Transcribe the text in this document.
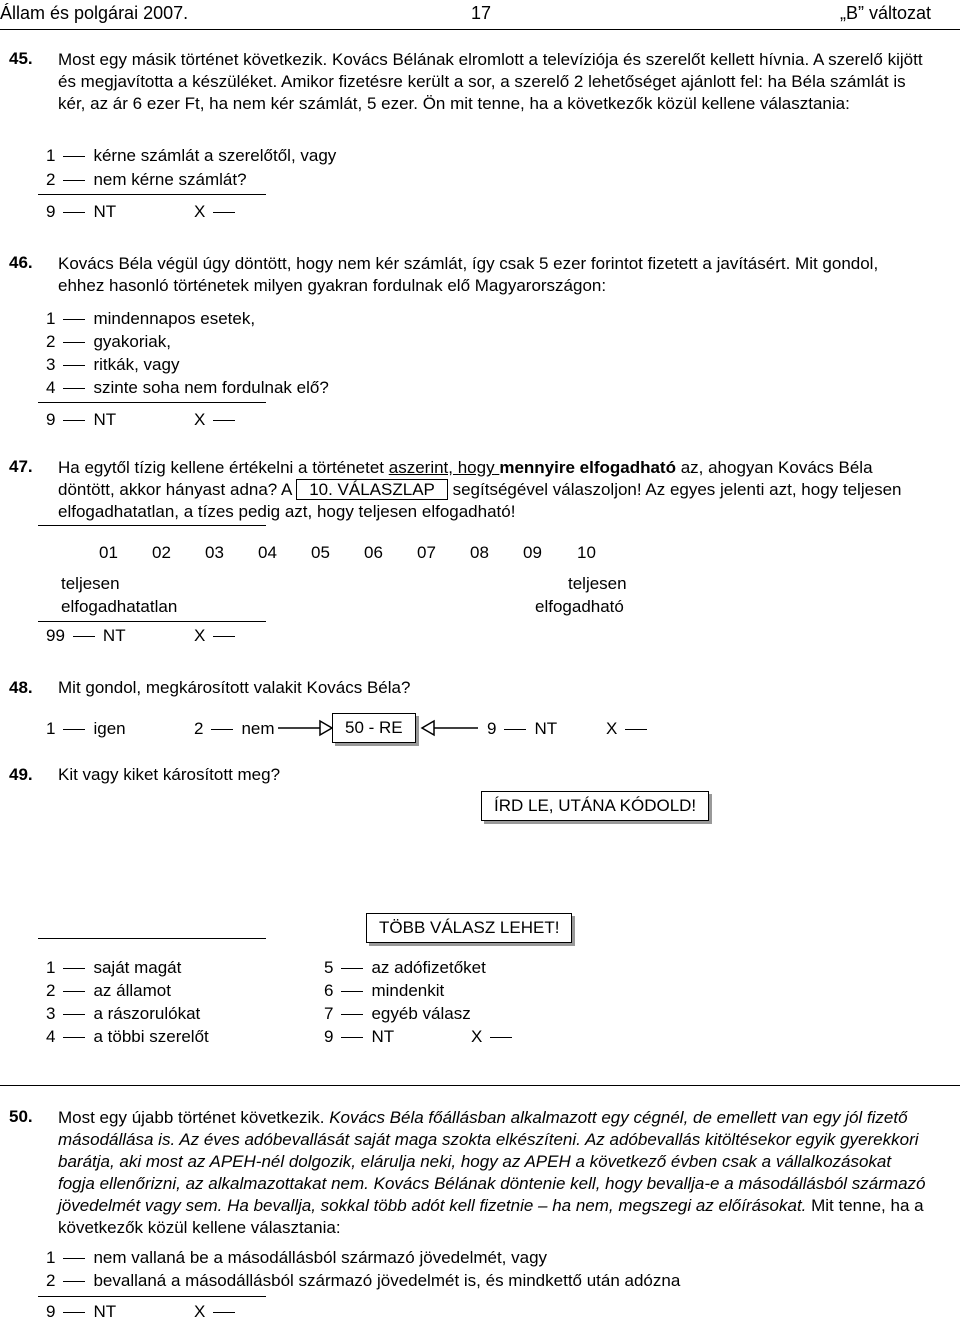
Állam és polgárai 2007.	17	„B” változat
45. Most egy másik történet következik. Kovács Bélának elromlott a televíziója és szerelőt kellett hívnia. A szerelő kijött és megjavította a készüléket. Amikor fizetésre került a sor, a szerelő 2 lehetőséget ajánlott fel: ha Béla számlát is kér, az ár 6 ezer Ft, ha nem kér számlát, 5 ezer. Ön mit tenne, ha a következők közül kellene választania:
1 kérne számlát a szerelőtől, vagy
2 nem kérne számlát?
9 NT	X
46. Kovács Béla végül úgy döntött, hogy nem kér számlát, így csak 5 ezer forintot fizetett a javításért. Mit gondol, ehhez hasonló történetek milyen gyakran fordulnak elő Magyarországon:
1 mindennapos esetek,
2 gyakoriak,
3 ritkák, vagy
4 szinte soha nem fordulnak elő?
9 NT	X
47. Ha egytől tízig kellene értékelni a történetet aszerint, hogy mennyire elfogadható az, ahogyan Kovács Béla döntött, akkor hányast adna? A 10. VÁLASZLAP segítségével válaszoljon! Az egyes jelenti azt, hogy teljesen elfogadhatatlan, a tízes pedig azt, hogy teljesen elfogadható!
01 02 03 04 05 06 07 08 09 10
teljesen
elfogadhatatlan
teljesen
elfogadható
99 NT	X
48. Mit gondol, megkárosított valakit Kovács Béla?
1 igen	2 nem	50 - RE	9 NT	X
49. Kit vagy kiket károsított meg?
ÍRD LE, UTÁNA KÓDOLD!
TÖBB VÁLASZ LEHET!
1 saját magát
2 az államot
3 a rászorulókat
4 a többi szerelőt
5 az adófizetőket
6 mindenkit
7 egyéb válasz
9 NT	X
50. Most egy újabb történet következik. Kovács Béla főállásban alkalmazott egy cégnél, de emellett van egy jól fizető másodállása is. Az éves adóbevallását saját maga szokta elkészíteni. Az adóbevallás kitöltésekor egyik gyerekkori barátja, aki most az APEH-nél dolgozik, elárulja neki, hogy az APEH a következő évben csak a vállalkozásokat fogja ellenőrizni, az alkalmazottakat nem. Kovács Bélának döntenie kell, hogy bevallja-e a másodállásból származó jövedelmét vagy sem. Ha bevallja, sokkal több adót kell fizetnie – ha nem, megszegi az előírásokat. Mit tenne, ha a következők közül kellene választania:
1 nem vallaná be a másodállásból származó jövedelmét, vagy
2 bevallaná a másodállásból származó jövedelmét is, és mindkettő után adózna
9 NT	X
